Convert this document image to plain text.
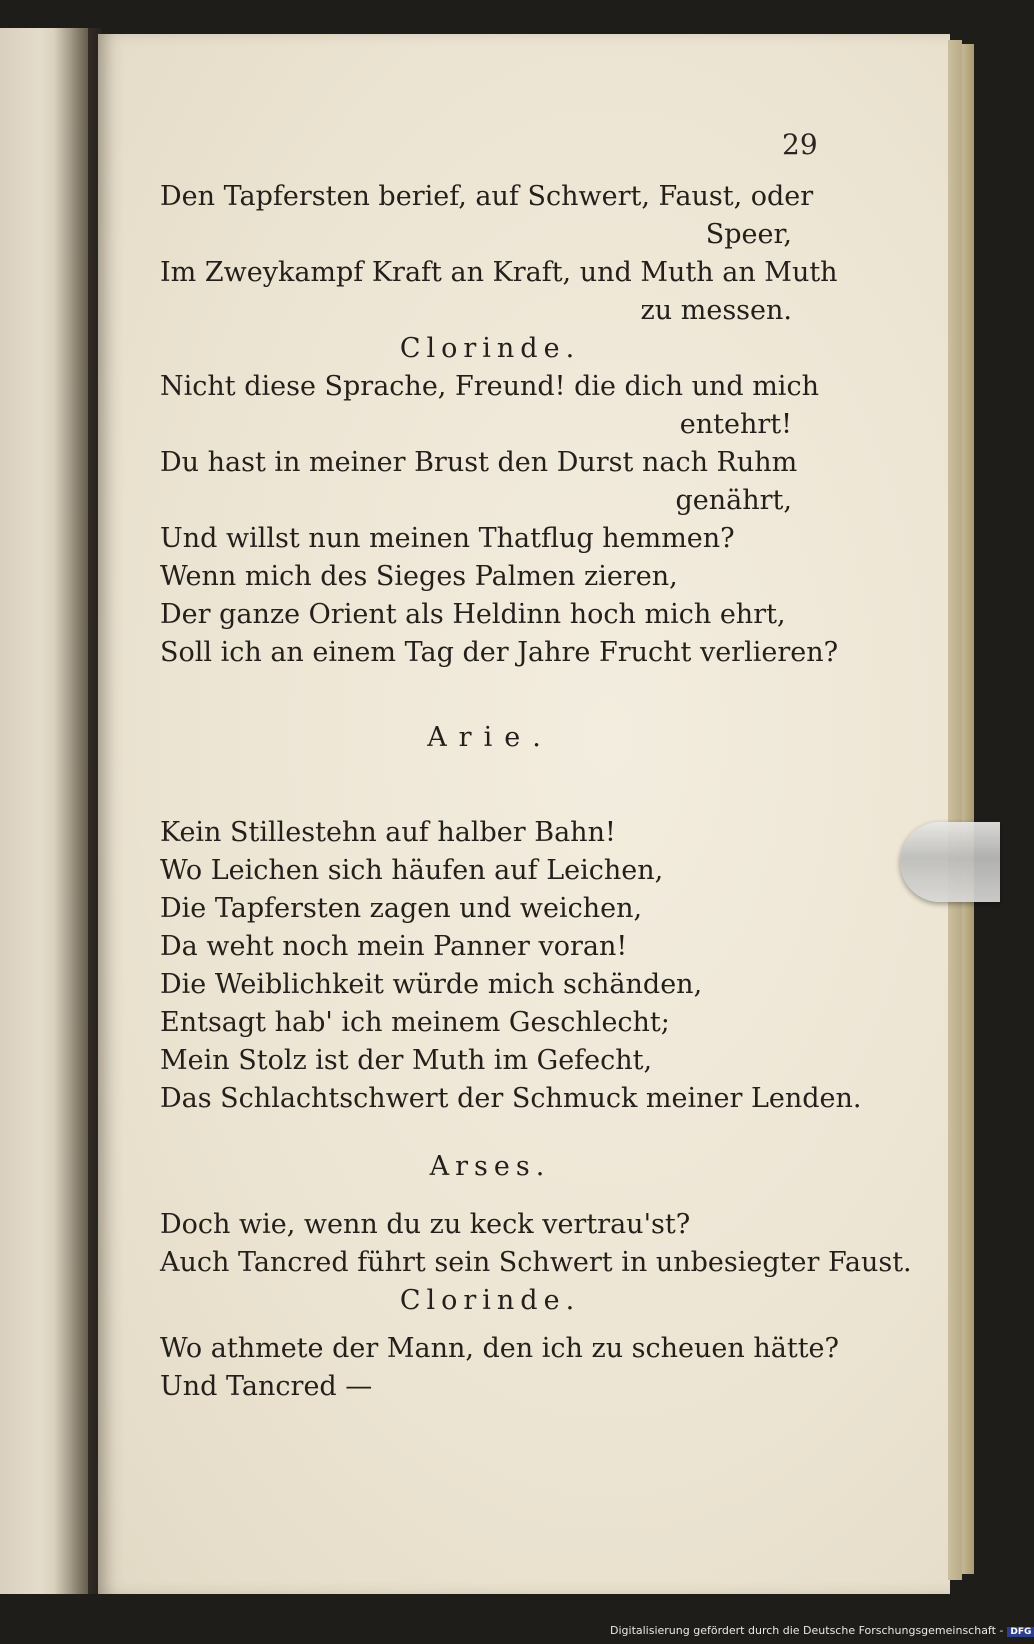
29

Den Tapfersten berief, auf Schwert, Faust, oder

Speer,

Im Zweykampf Kraft an Kraft, und Muth an Muth

zu messen.

Clorinde.

Nicht diese Sprache, Freund! die dich und mich

entehrt!

Du hast in meiner Brust den Durst nach Ruhm

genährt,

Und willst nun meinen Thatflug hemmen?

Wenn mich des Sieges Palmen zieren,

Der ganze Orient als Heldinn hoch mich ehrt,

Soll ich an einem Tag der Jahre Frucht verlieren?

Arie.

Kein Stillestehn auf halber Bahn!

Wo Leichen sich häufen auf Leichen,

Die Tapfersten zagen und weichen,

Da weht noch mein Panner voran!

Die Weiblichkeit würde mich schänden,

Entsagt hab' ich meinem Geschlecht;

Mein Stolz ist der Muth im Gefecht,

Das Schlachtschwert der Schmuck meiner Lenden.

Arses.

Doch wie, wenn du zu keck vertrau'st?

Auch Tancred führt sein Schwert in unbesiegter Faust.

Clorinde.

Wo athmete der Mann, den ich zu scheuen hätte?

Und Tancred —

Digitalisierung gefördert durch die Deutsche Forschungsgemeinschaft - DFG
